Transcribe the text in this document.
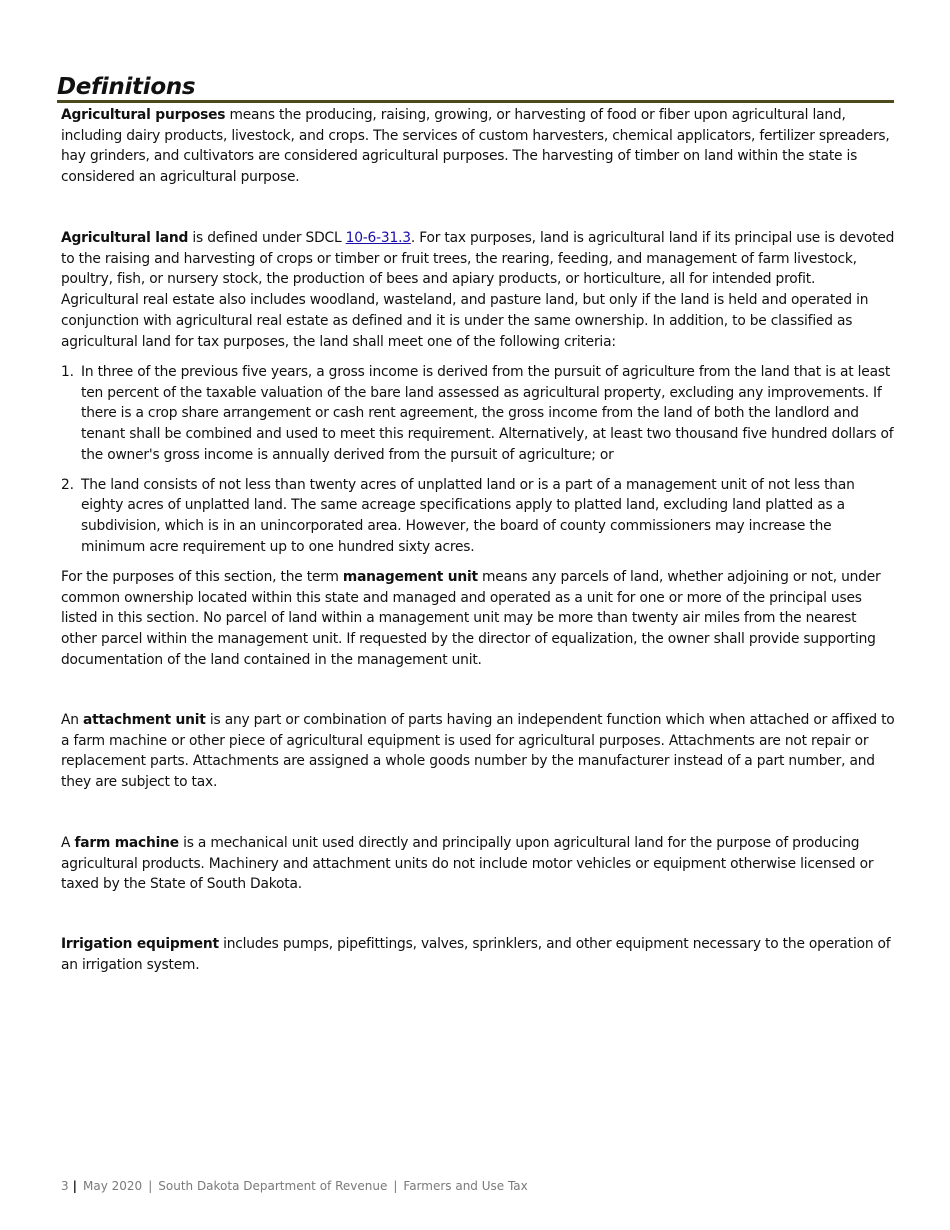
Definitions

Agricultural purposes means the producing, raising, growing, or harvesting of food or fiber upon agricultural land, including dairy products, livestock, and crops. The services of custom harvesters, chemical applicators, fertilizer spreaders, hay grinders, and cultivators are considered agricultural purposes. The harvesting of timber on land within the state is considered an agricultural purpose.

Agricultural land is defined under SDCL 10-6-31.3. For tax purposes, land is agricultural land if its principal use is devoted to the raising and harvesting of crops or timber or fruit trees, the rearing, feeding, and management of farm livestock, poultry, fish, or nursery stock, the production of bees and apiary products, or horticulture, all for intended profit. Agricultural real estate also includes woodland, wasteland, and pasture land, but only if the land is held and operated in conjunction with agricultural real estate as defined and it is under the same ownership. In addition, to be classified as agricultural land for tax purposes, the land shall meet one of the following criteria:

1. In three of the previous five years, a gross income is derived from the pursuit of agriculture from the land that is at least ten percent of the taxable valuation of the bare land assessed as agricultural property, excluding any improvements. If there is a crop share arrangement or cash rent agreement, the gross income from the land of both the landlord and tenant shall be combined and used to meet this requirement. Alternatively, at least two thousand five hundred dollars of the owner's gross income is annually derived from the pursuit of agriculture; or
2. The land consists of not less than twenty acres of unplatted land or is a part of a management unit of not less than eighty acres of unplatted land. The same acreage specifications apply to platted land, excluding land platted as a subdivision, which is in an unincorporated area. However, the board of county commissioners may increase the minimum acre requirement up to one hundred sixty acres.

For the purposes of this section, the term management unit means any parcels of land, whether adjoining or not, under common ownership located within this state and managed and operated as a unit for one or more of the principal uses listed in this section. No parcel of land within a management unit may be more than twenty air miles from the nearest other parcel within the management unit. If requested by the director of equalization, the owner shall provide supporting documentation of the land contained in the management unit.

An attachment unit is any part or combination of parts having an independent function which when attached or affixed to a farm machine or other piece of agricultural equipment is used for agricultural purposes. Attachments are not repair or replacement parts. Attachments are assigned a whole goods number by the manufacturer instead of a part number, and they are subject to tax.

A farm machine is a mechanical unit used directly and principally upon agricultural land for the purpose of producing agricultural products. Machinery and attachment units do not include motor vehicles or equipment otherwise licensed or taxed by the State of South Dakota.

Irrigation equipment includes pumps, pipefittings, valves, sprinklers, and other equipment necessary to the operation of an irrigation system.

3 | May 2020 | South Dakota Department of Revenue | Farmers and Use Tax
